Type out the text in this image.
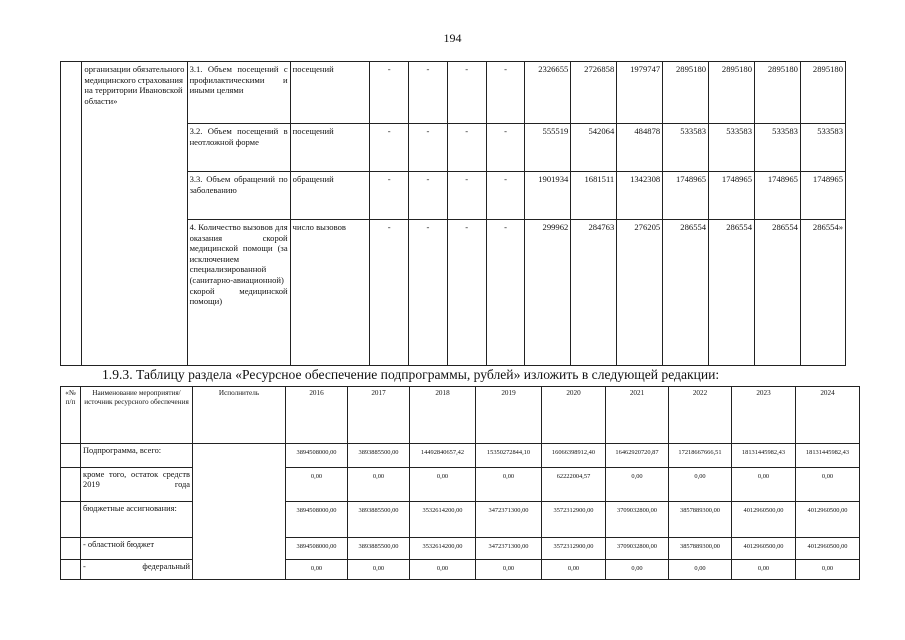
194
	организации обязательного медицинского страхования на территории Ивановской области»	3.1. Объем посещений с профилактическими и иными целями	посещений	-	-	-	-	2326655	2726858	1979747	2895180	2895180	2895180	2895180
		3.2. Объем посещений в неотложной форме	посещений	-	-	-	-	555519	542064	484878	533583	533583	533583	533583
		3.3. Объем обращений по заболеванию	обращений	-	-	-	-	1901934	1681511	1342308	1748965	1748965	1748965	1748965
		4. Количество вызовов для оказания скорой медицинской помощи (за исключением специализированной (санитарно-авиационной) скорой медицинской помощи)	число вызовов	-	-	-	-	299962	284763	276205	286554	286554	286554	286554»
1.9.3. Таблицу раздела «Ресурсное обеспечение подпрограммы, рублей» изложить в следующей редакции:
«№ п/п	Наименование мероприятия/источник ресурсного обеспечения	Исполнитель	2016	2017	2018	2019	2020	2021	2022	2023	2024
	Подпрограмма, всего:		3894508000,00	3893885500,00	14492840657,42	15350272844,10	16066398912,40	16462920720,87	17218667666,51	18131445982,43	18131445982,43
	кроме того, остаток средств 2019 года		0,00	0,00	0,00	0,00	62222004,57	0,00	0,00	0,00	0,00
	бюджетные ассигнования:		3894508000,00	3893885500,00	3532614200,00	3472371300,00	3572312900,00	3709032800,00	3857889300,00	4012960500,00	4012960500,00
	- областной бюджет		3894508000,00	3893885500,00	3532614200,00	3472371300,00	3572312900,00	3709032800,00	3857889300,00	4012960500,00	4012960500,00
	- федеральный		0,00	0,00	0,00	0,00	0,00	0,00	0,00	0,00	0,00
